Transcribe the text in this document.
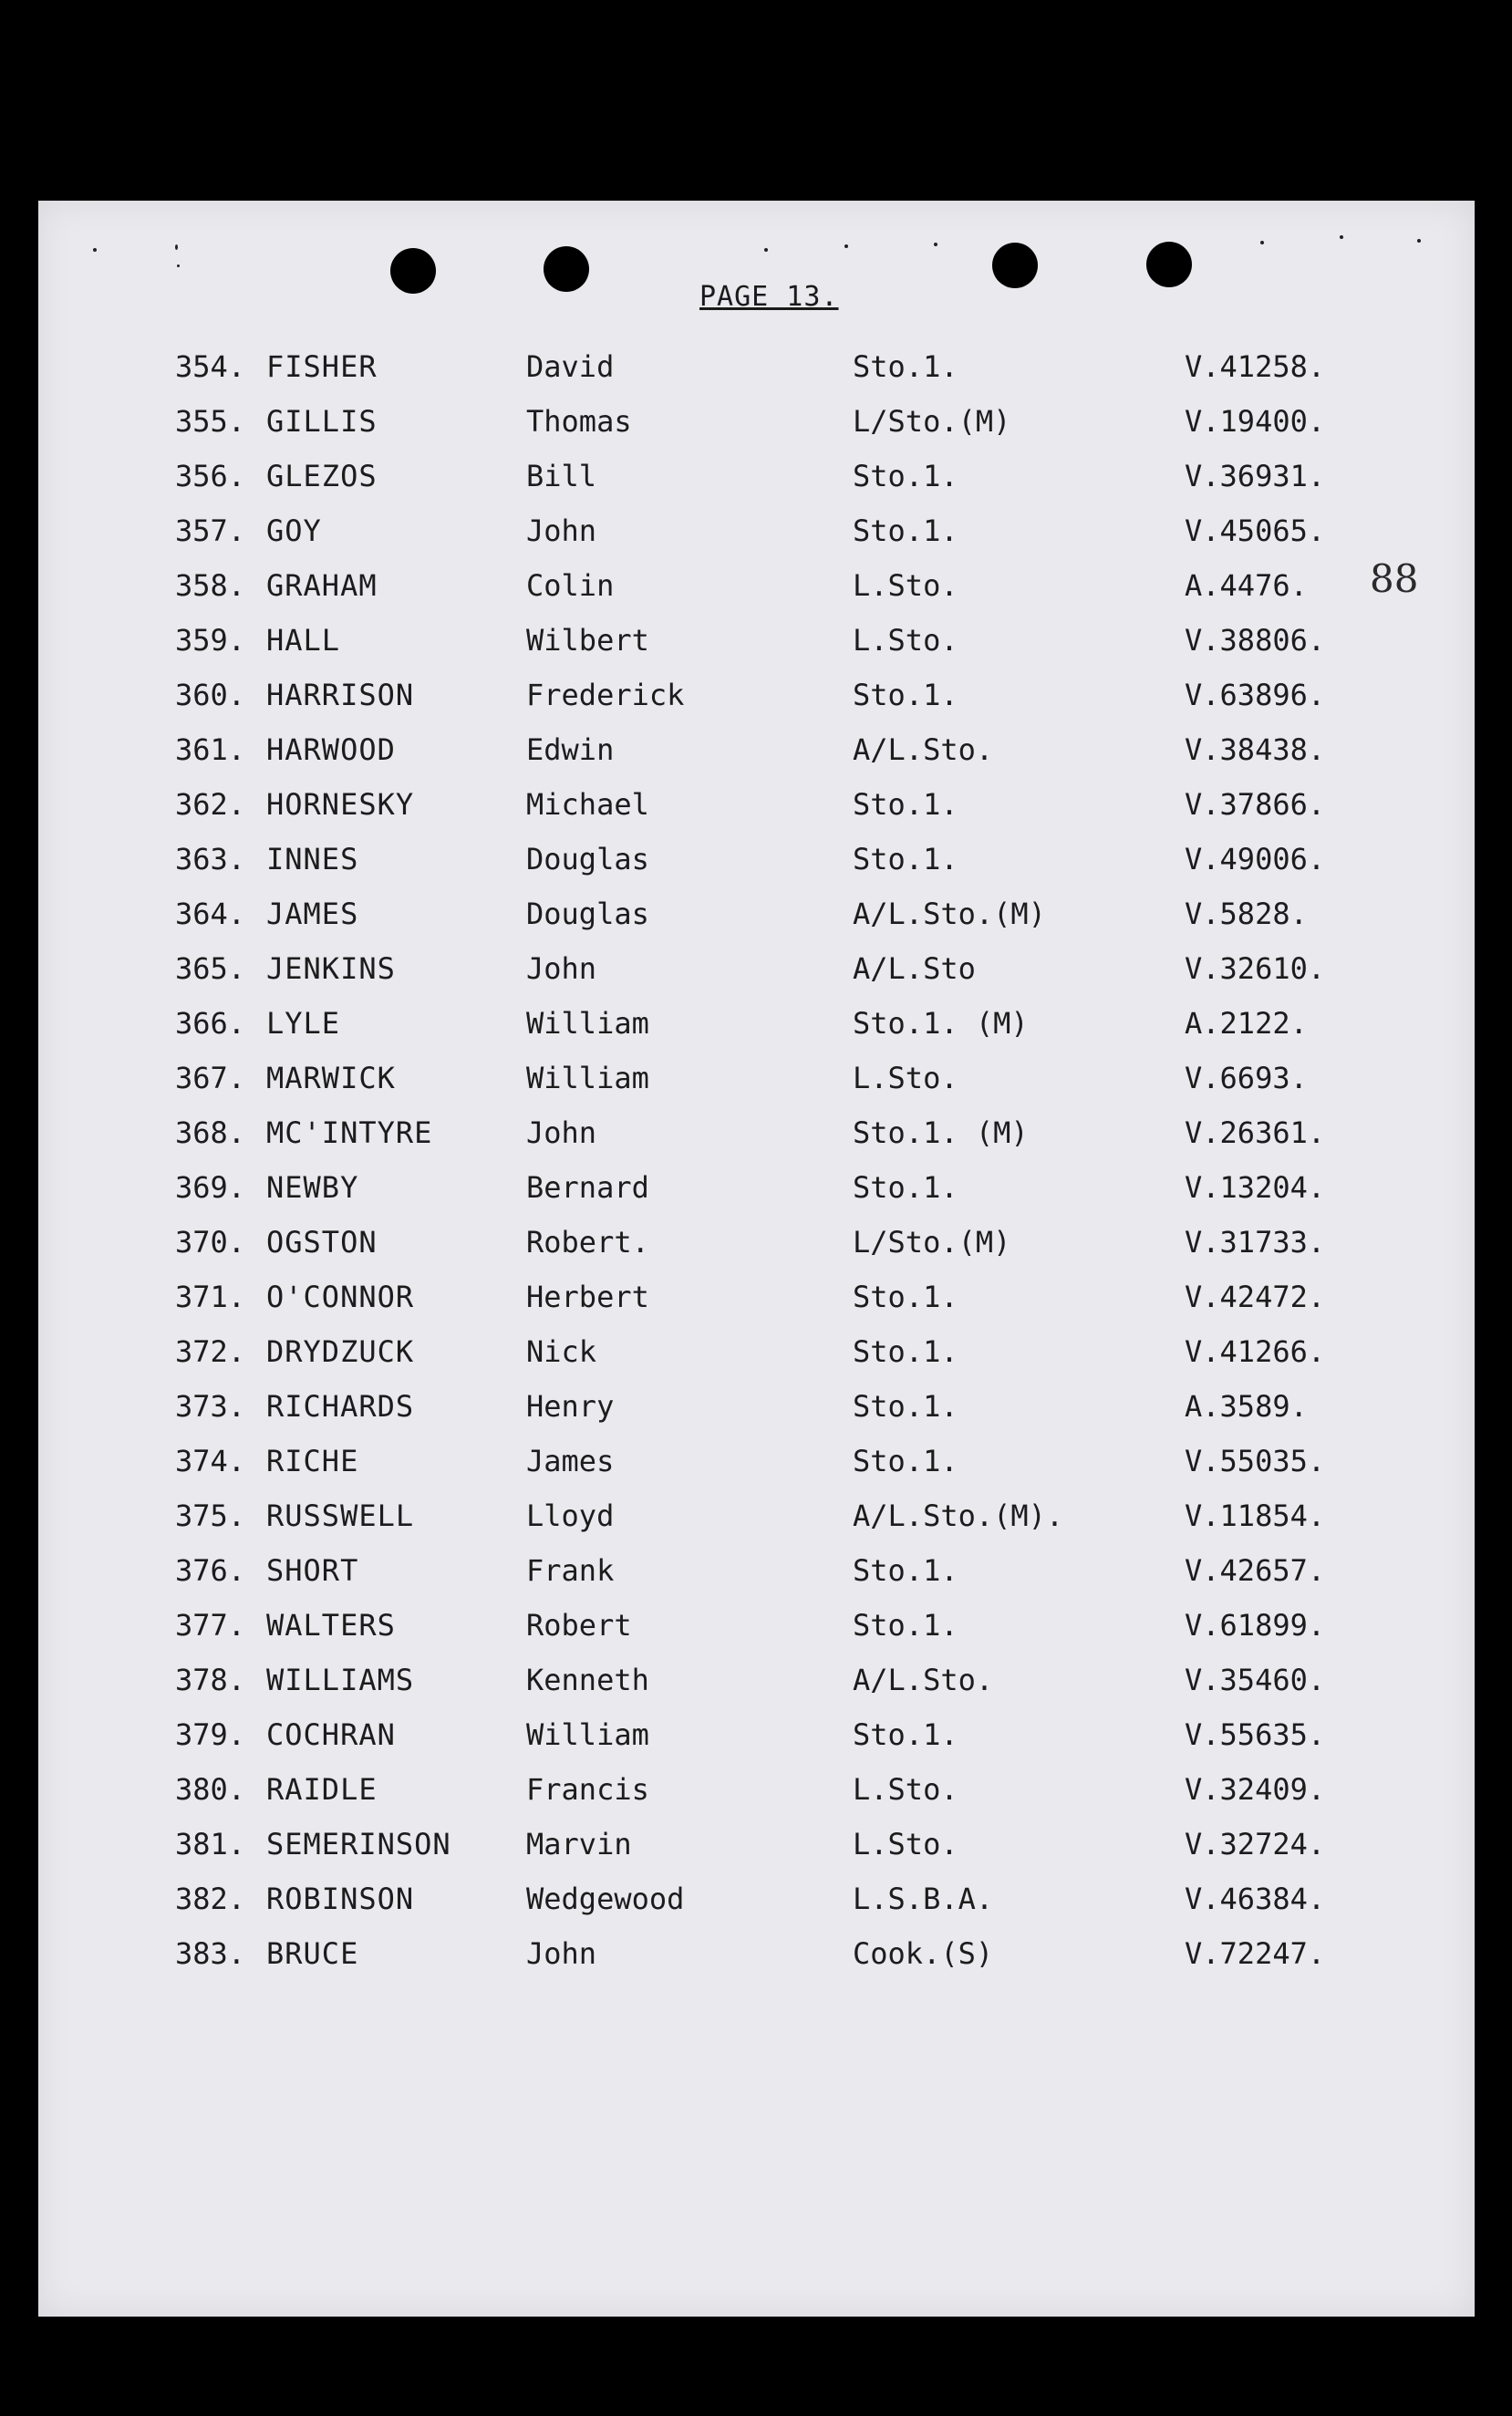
PAGE 13.
88
354. FISHER	David	Sto.1.	V.41258.
355. GILLIS	Thomas	L/Sto.(M)	V.19400.
356. GLEZOS	Bill	Sto.1.	V.36931.
357. GOY	John	Sto.1.	V.45065.
358. GRAHAM	Colin	L.Sto.	A.4476.
359. HALL	Wilbert	L.Sto.	V.38806.
360. HARRISON	Frederick	Sto.1.	V.63896.
361. HARWOOD	Edwin	A/L.Sto.	V.38438.
362. HORNESKY	Michael	Sto.1.	V.37866.
363. INNES	Douglas	Sto.1.	V.49006.
364. JAMES	Douglas	A/L.Sto.(M)	V.5828.
365. JENKINS	John	A/L.Sto	V.32610.
366. LYLE	William	Sto.1. (M)	A.2122.
367. MARWICK	William	L.Sto.	V.6693.
368. MC'INTYRE	John	Sto.1. (M)	V.26361.
369. NEWBY	Bernard	Sto.1.	V.13204.
370. OGSTON	Robert.	L/Sto.(M)	V.31733.
371. O'CONNOR	Herbert	Sto.1.	V.42472.
372. DRYDZUCK	Nick	Sto.1.	V.41266.
373. RICHARDS	Henry	Sto.1.	A.3589.
374. RICHE	James	Sto.1.	V.55035.
375. RUSSWELL	Lloyd	A/L.Sto.(M).	V.11854.
376. SHORT	Frank	Sto.1.	V.42657.
377. WALTERS	Robert	Sto.1.	V.61899.
378. WILLIAMS	Kenneth	A/L.Sto.	V.35460.
379. COCHRAN	William	Sto.1.	V.55635.
380. RAIDLE	Francis	L.Sto.	V.32409.
381. SEMERINSON	Marvin	L.Sto.	V.32724.
382. ROBINSON	Wedgewood	L.S.B.A.	V.46384.
383. BRUCE	John	Cook.(S)	V.72247.
